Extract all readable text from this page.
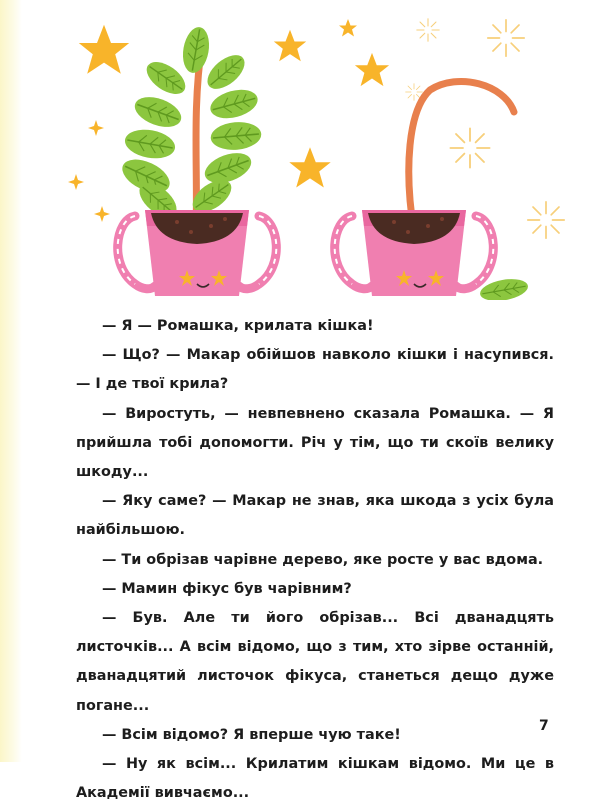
— Я — Ромашка, крилата кішка!

— Що? — Макар обійшов навколо кішки і насупився. — І де твої крила?

— Виростуть, — невпевнено сказала Ромашка. — Я прийшла тобі допомогти. Річ у тім, що ти скоїв велику шкоду...

— Яку саме? — Макар не знав, яка шкода з усіх була найбільшою.

— Ти обрізав чарівне дерево, яке росте у вас вдома.

— Мамин фікус був чарівним?

— Був. Але ти його обрізав... Всі дванадцять листочків... А всім відомо, що з тим, хто зірве останній, дванадцятий листочок фікуса, станеться дещо дуже погане...

— Всім відомо? Я вперше чую таке!

— Ну як всім... Крилатим кішкам відомо. Ми це в Академії вивчаємо...

7
